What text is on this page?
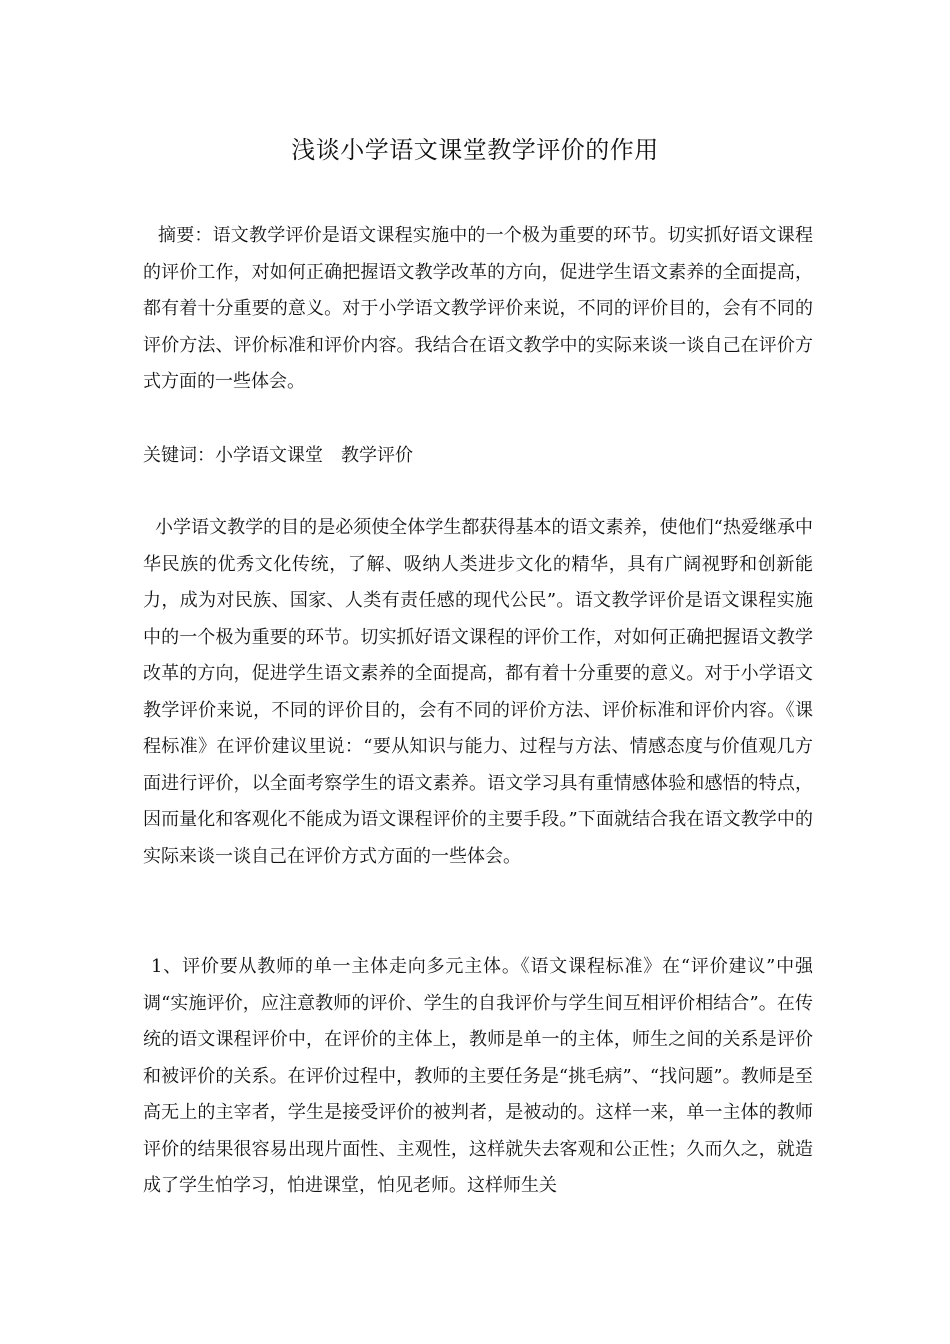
浅谈小学语文课堂教学评价的作用

摘要：语文教学评价是语文课程实施中的一个极为重要的环节。切实抓好语文课程的评价工作，对如何正确把握语文教学改革的方向，促进学生语文素养的全面提高，都有着十分重要的意义。对于小学语文教学评价来说，不同的评价目的，会有不同的评价方法、评价标准和评价内容。我结合在语文教学中的实际来谈一谈自己在评价方式方面的一些体会。

关键词：小学语文课堂　教学评价

小学语文教学的目的是必须使全体学生都获得基本的语文素养，使他们“热爱继承中华民族的优秀文化传统，了解、吸纳人类进步文化的精华，具有广阔视野和创新能力，成为对民族、国家、人类有责任感的现代公民”。语文教学评价是语文课程实施中的一个极为重要的环节。切实抓好语文课程的评价工作，对如何正确把握语文教学改革的方向，促进学生语文素养的全面提高，都有着十分重要的意义。对于小学语文教学评价来说，不同的评价目的，会有不同的评价方法、评价标准和评价内容。《课程标准》在评价建议里说：“要从知识与能力、过程与方法、情感态度与价值观几方面进行评价，以全面考察学生的语文素养。语文学习具有重情感体验和感悟的特点，因而量化和客观化不能成为语文课程评价的主要手段。”下面就结合我在语文教学中的实际来谈一谈自己在评价方式方面的一些体会。

1、评价要从教师的单一主体走向多元主体。《语文课程标准》在“评价建议”中强调“实施评价，应注意教师的评价、学生的自我评价与学生间互相评价相结合”。在传统的语文课程评价中，在评价的主体上，教师是单一的主体，师生之间的关系是评价和被评价的关系。在评价过程中，教师的主要任务是“挑毛病”、“找问题”。教师是至高无上的主宰者，学生是接受评价的被判者，是被动的。这样一来，单一主体的教师评价的结果很容易出现片面性、主观性，这样就失去客观和公正性；久而久之，就造成了学生怕学习，怕进课堂，怕见老师。这样师生关
